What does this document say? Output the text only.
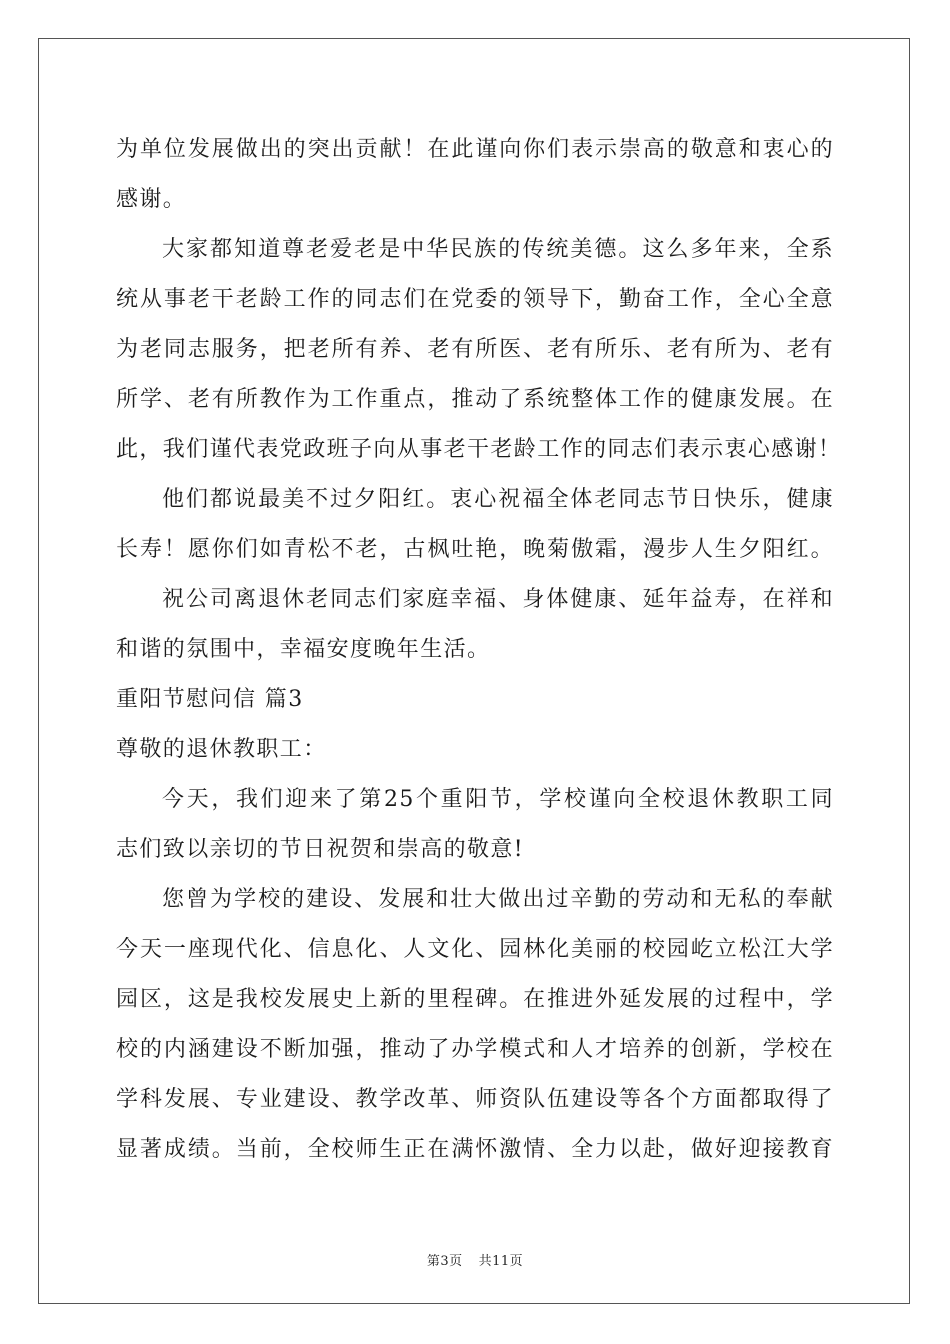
为单位发展做出的突出贡献！在此谨向你们表示崇高的敬意和衷心的
感谢。
大家都知道尊老爱老是中华民族的传统美德。这么多年来，全系
统从事老干老龄工作的同志们在党委的领导下，勤奋工作，全心全意
为老同志服务，把老所有养、老有所医、老有所乐、老有所为、老有
所学、老有所教作为工作重点，推动了系统整体工作的健康发展。在
此，我们谨代表党政班子向从事老干老龄工作的同志们表示衷心感谢！
他们都说最美不过夕阳红。衷心祝福全体老同志节日快乐，健康
长寿！愿你们如青松不老，古枫吐艳，晚菊傲霜，漫步人生夕阳红。
祝公司离退休老同志们家庭幸福、身体健康、延年益寿，在祥和
和谐的氛围中，幸福安度晚年生活。
重阳节慰问信 篇3
尊敬的退休教职工：
今天，我们迎来了第25个重阳节，学校谨向全校退休教职工同
志们致以亲切的节日祝贺和崇高的敬意!
您曾为学校的建设、发展和壮大做出过辛勤的劳动和无私的奉献
今天一座现代化、信息化、人文化、园林化美丽的校园屹立松江大学
园区，这是我校发展史上新的里程碑。在推进外延发展的过程中，学
校的内涵建设不断加强，推动了办学模式和人才培养的创新，学校在
学科发展、专业建设、教学改革、师资队伍建设等各个方面都取得了
显著成绩。当前，全校师生正在满怀激情、全力以赴，做好迎接教育
第3页 共11页
